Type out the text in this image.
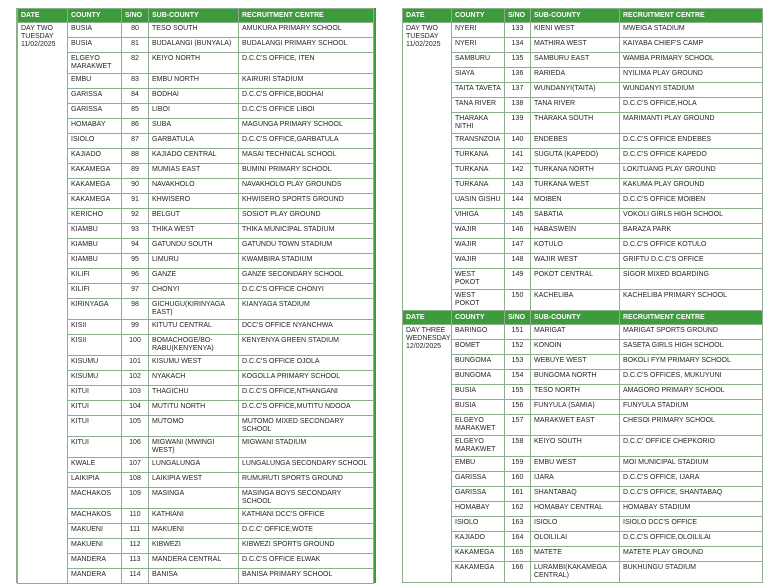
DATE	COUNTY	S/NO	SUB-COUNTY	RECRUITMENT CENTRE

DAY TWO
TUESDAY
11/02/2025	BUSIA	80	TESO SOUTH	AMUKURA PRIMARY SCHOOL
	BUSIA	81	BUDALANGI (BUNYALA)	BUDALANGI PRIMARY SCHOOL
	ELGEYO MARAKWET	82	KEIYO NORTH	D.C.C'S OFFICE, ITEN
	EMBU	83	EMBU NORTH	KAIRURI STADIUM
	GARISSA	84	BODHAI	D.C.C'S OFFICE,BODHAI
	GARISSA	85	LIBOI	D.C.C'S OFFICE LIBOI
	HOMABAY	86	SUBA	MAGUNGA PRIMARY SCHOOL
	ISIOLO	87	GARBATULA	D.C.C'S OFFICE,GARBATULA
	KAJIADO	88	KAJIADO CENTRAL	MASAI TECHNICAL SCHOOL
	KAKAMEGA	89	MUMIAS EAST	BUMINI PRIMARY SCHOOL
	KAKAMEGA	90	NAVAKHOLO	NAVAKHOLO PLAY GROUNDS
	KAKAMEGA	91	KHWISERO	KHWISERO SPORTS GROUND
	KERICHO	92	BELGUT	SOSIOT PLAY GROUND
	KIAMBU	93	THIKA WEST	THIKA MUNICIPAL STADIUM
	KIAMBU	94	GATUNDU SOUTH	GATUNDU TOWN STADIUM
	KIAMBU	95	LIMURU	KWAMBIRA STADIUM
	KILIFI	96	GANZE	GANZE SECONDARY SCHOOL
	KILIFI	97	CHONYI	D.C.C'S OFFICE CHONYI
	KIRINYAGA	98	GICHUGU(KIRINYAGA EAST)	KIANYAGA STADIUM
	KISII	99	KITUTU CENTRAL	DCC'S OFFICE NYANCHWA
	KISII	100	BOMACHOGE/BO-RABU(KENYENYA)	KENYENYA GREEN STADIUM
	KISUMU	101	KISUMU WEST	D.C.C'S OFFICE OJOLA
	KISUMU	102	NYAKACH	KOGOLLA PRIMARY SCHOOL
	KITUI	103	THAGICHU	D.C.C'S OFFICE,NTHANGANI
	KITUI	104	MUTITU NORTH	D.C.C'S OFFICE,MUTITU NDOOA
	KITUI	105	MUTOMO	MUTOMO MIXED SECONDARY SCHOOL
	KITUI	106	MIGWANI (MWINGI WEST)	MIGWANI STADIUM
	KWALE	107	LUNGALUNGA	LUNGALUNGA SECONDARY SCHOOL
	LAIKIPIA	108	LAIKIPIA WEST	RUMURUTI SPORTS GROUND
	MACHAKOS	109	MASINGA	MASINGA BOYS SECONDARY SCHOOL
	MACHAKOS	110	KATHIANI	KATHIANI DCC'S OFFICE
	MAKUENI	111	MAKUENI	D.C.C' OFFICE,WOTE
	MAKUENI	112	KIBWEZI	KIBWEZI SPORTS GROUND
	MANDERA	113	MANDERA CENTRAL	D.C.C'S OFFICE ELWAK
	MANDERA	114	BANISA	BANISA PRIMARY SCHOOL
DATE	COUNTY	S/NO	SUB-COUNTY	RECRUITMENT CENTRE

DAY TWO
TUESDAY
11/02/2025	NYERI	133	KIENI WEST	MWEIGA STADIUM
	NYERI	134	MATHIRA WEST	KAIYABA CHIEF'S CAMP
	SAMBURU	135	SAMBURU EAST	WAMBA PRIMARY SCHOOL
	SIAYA	136	RARIEDA	NYILIMA PLAY GROUND
	TAITA TAVETA	137	WUNDANYI(TAITA)	WUNDANYI STADIUM
	TANA RIVER	138	TANA RIVER	D.C.C'S OFFICE,HOLA
	THARAKA NITHI	139	THARAKA SOUTH	MARIMANTI PLAY GROUND
	TRANSNZOIA	140	ENDEBES	D.C.C'S OFFICE ENDEBES
	TURKANA	141	SUGUTA (KAPEDO)	D.C.C'S OFFICE KAPEDO
	TURKANA	142	TURKANA NORTH	LOKITUANG PLAY GROUND
	TURKANA	143	TURKANA WEST	KAKUMA PLAY GROUND
	UASIN GISHU	144	MOIBEN	D.C.C'S OFFICE MOIBEN
	VIHIGA	145	SABATIA	VOKOLI GIRLS HIGH SCHOOL
	WAJIR	146	HABASWEIN	BARAZA PARK
	WAJIR	147	KOTULO	D.C.C'S OFFICE KOTULO
	WAJIR	148	WAJIR WEST	GRIFTU D.C.C'S OFFICE
	WEST POKOT	149	POKOT CENTRAL	SIGOR MIXED BOARDING
	WEST POKOT	150	KACHELIBA	KACHELIBA PRIMARY SCHOOL
DATE	COUNTY	S/NO	SUB-COUNTY	RECRUITMENT CENTRE

DAY THREE
WEDNESDAY
12/02/2025	BARINGO	151	MARIGAT	MARIGAT SPORTS GROUND
	BOMET	152	KONOIN	SASETA GIRLS HIGH SCHOOL
	BUNGOMA	153	WEBUYE WEST	BOKOLI FYM PRIMARY SCHOOL
	BUNGOMA	154	BUNGOMA NORTH	D.C.C'S OFFICES, MUKUYUNI
	BUSIA	155	TESO NORTH	AMAGORO PRIMARY SCHOOL
	BUSIA	156	FUNYULA (SAMIA)	FUNYULA STADIUM
	ELGEYO MARAKWET	157	MARAKWET EAST	CHESOI PRIMARY SCHOOL
	ELGEYO MARAKWET	158	KEIYO SOUTH	D.C.C' OFFICE CHEPKORIO
	EMBU	159	EMBU WEST	MOI MUNICIPAL STADIUM
	GARISSA	160	IJARA	D.C.C'S OFFICE, IJARA
	GARISSA	161	SHANTABAQ	D.C.C'S OFFICE, SHANTABAQ
	HOMABAY	162	HOMABAY CENTRAL	HOMABAY STADIUM
	ISIOLO	163	ISIOLO	ISIOLO DCC'S OFFICE
	KAJIADO	164	OLOILILAI	D.C.C'S OFFICE,OLOILILAI
	KAKAMEGA	165	MATETE	MATETE PLAY GROUND
	KAKAMEGA	166	LURAMBI(KAKAMEGA CENTRAL)	BUKHUNGU STADIUM
